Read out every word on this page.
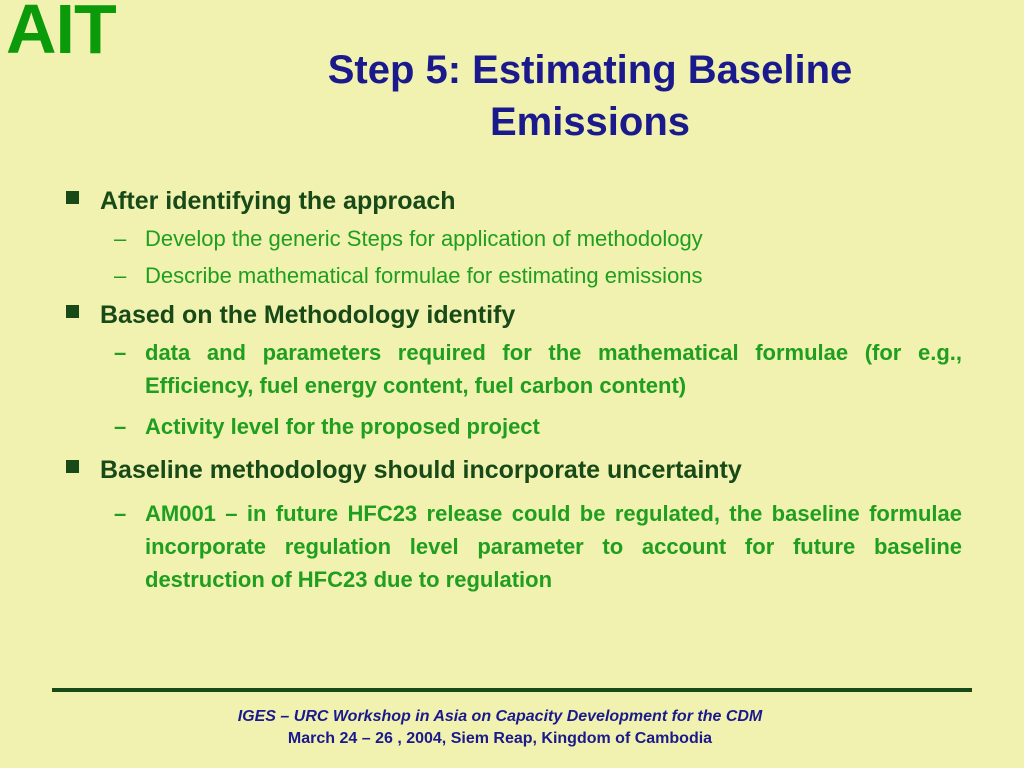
AIT
Step 5: Estimating Baseline
Emissions
After identifying the approach
– Develop the generic Steps for application of methodology
– Describe mathematical formulae for estimating emissions
Based on the Methodology identify
– data and parameters required for the mathematical formulae (for e.g., Efficiency, fuel energy content, fuel carbon content)
– Activity level for the proposed project
Baseline methodology should incorporate uncertainty
– AM001 – in future HFC23 release could be regulated, the baseline formulae incorporate regulation level parameter to account for future baseline destruction of HFC23 due to regulation
IGES – URC Workshop in Asia on Capacity Development for the CDM
March 24 – 26 , 2004, Siem Reap, Kingdom of Cambodia
